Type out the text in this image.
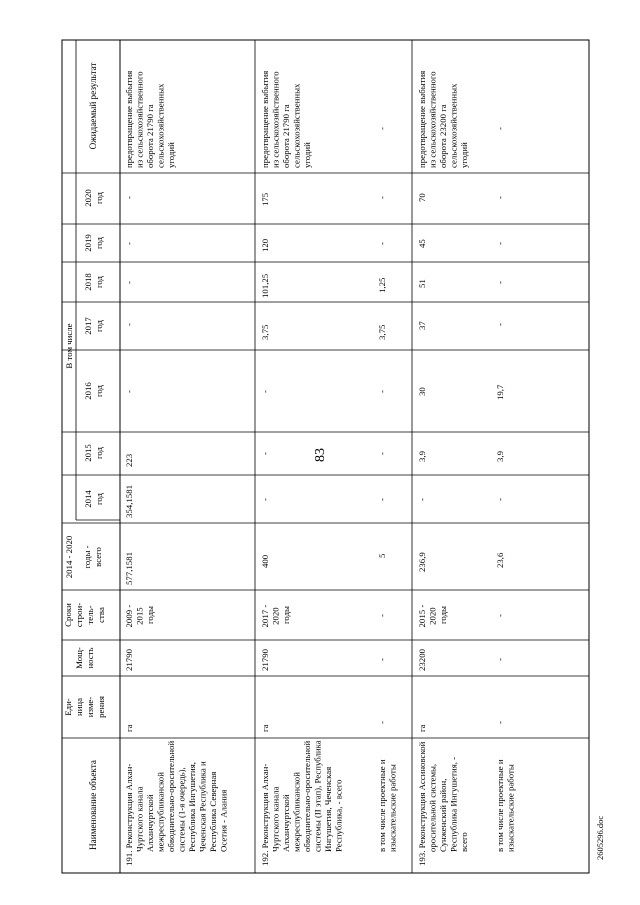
83
2605296.doc
Ожидаемый результат
2020 год
2019 год
2018 год
2017 год
2016 год
2015 год
2014 год
В том числе
2014 - 2020 годы - всего
Сроки строи- тель- ства
Мощ- ность
Еди- ница изме- рения
Наименование объекта	191. Реконструкция Алхан- Чуртского канала Алханчуртской межреспубликанской обводнительно-оросительной системы (1-я очередь), Республика Ингушетия, Чеченская Республика и Республика Северная Осетия - Алания
га
21790
2009 - 2015 годы
577,1581
354,1581
223
-
-
-
-
-
предотвращение выбытия из сельскохозяйственного оборота 21790 га сельскохозяйственных угодий
192. Реконструкция Алхан- Чуртского канала Алханчуртской межреспубликанской обводнительно-оросительной системы (II этап), Республика Ингушетия, Чеченская Республика, - всего
га
21790
2017 - 2020 годы
400
-
-
-
3,75
101,25
120
175
предотвращение выбытия из сельскохозяйственного оборота 21790 га сельскохозяйственных угодий
в том числе проектные и изыскательские работы
-
-
-
5
-
-
-
3,75
1,25
-
-
-
193. Реконструкция Ассиновской оросительной системы, Сунженский район, Республика Ингушетия, - всего
га
23200
2015 - 2020 годы
236,9
-
3,9
30
37
51
45
70
предотвращение выбытия из сельскохозяйственного оборота 23200 га сельскохозяйственных угодий
в том числе проектные и изыскательские работы
-
-
-
23,6
-
3,9
19,7
-
-
-
-
-
